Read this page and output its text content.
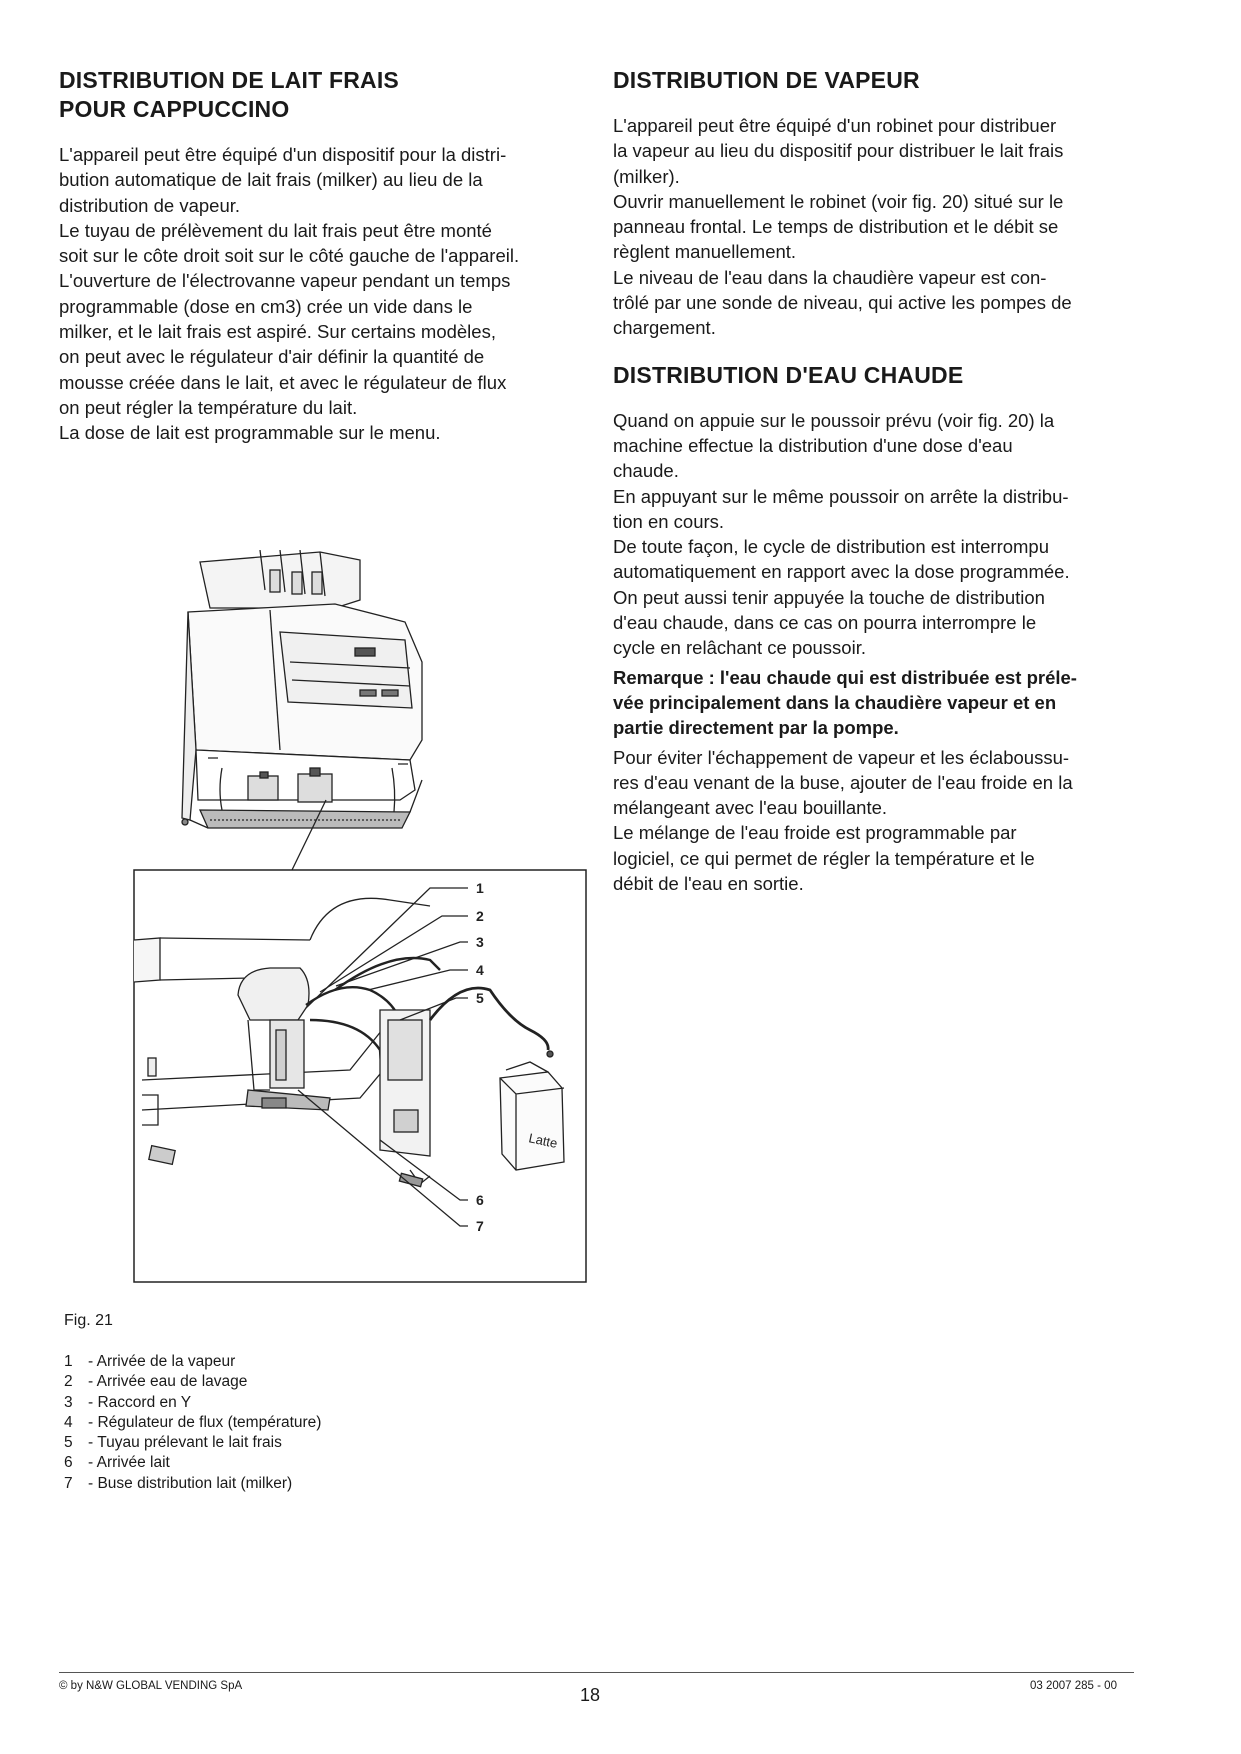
DISTRIBUTION DE LAIT FRAIS
POUR CAPPUCCINO

L'appareil peut être équipé d'un dispositif pour la distri-
bution automatique de lait frais (milker) au lieu de la
distribution de vapeur.
Le tuyau de prélèvement du lait frais peut être monté
soit sur le côte droit soit sur le côté gauche de l'appareil.
L'ouverture de l'électrovanne vapeur pendant un temps
programmable (dose en cm3) crée un vide dans le
milker, et le lait frais est aspiré. Sur certains modèles,
on peut avec le régulateur d'air définir la quantité de
mousse créée dans le lait, et avec le régulateur de flux
on peut régler la température du lait.
La dose de lait est programmable sur le menu.

DISTRIBUTION DE VAPEUR

L'appareil peut être équipé d'un robinet pour distribuer
la vapeur au lieu du dispositif pour distribuer le lait frais
(milker).
Ouvrir manuellement le robinet (voir fig. 20) situé sur le
panneau frontal. Le temps de distribution et le débit se
règlent manuellement.
Le niveau de l'eau dans la chaudière vapeur est con-
trôlé par une sonde de niveau, qui active les pompes de
chargement.

DISTRIBUTION D'EAU CHAUDE

Quand on appuie sur le poussoir prévu (voir fig. 20) la
machine effectue la distribution d'une dose d'eau
chaude.
En appuyant sur le même poussoir on arrête la distribu-
tion en cours.
De toute façon, le cycle de distribution est interrompu
automatiquement en rapport avec la dose programmée.
On peut aussi tenir appuyée la touche de distribution
d'eau chaude, dans ce cas on pourra interrompre le
cycle en relâchant ce poussoir.

Remarque : l'eau chaude qui est distribuée est préle-
vée principalement dans la chaudière vapeur et en
partie directement par la pompe.

Pour éviter l'échappement de vapeur et les éclaboussu-
res d'eau venant de la buse, ajouter de l'eau froide en la
mélangeant avec l'eau bouillante.
Le mélange de l'eau froide est programmable par
logiciel, ce qui permet de régler la température et le
débit de l'eau en sortie.

Latte
1
2
3
4
5
6
7
Fig. 21
1 - Arrivée de la vapeur
2 - Arrivée eau de lavage
3 - Raccord en Y
4 - Régulateur de flux (température)
5 - Tuyau prélevant le lait frais
6 - Arrivée lait
7 - Buse distribution lait (milker)
© by N&W GLOBAL VENDING SpA	18	03 2007 285 - 00
